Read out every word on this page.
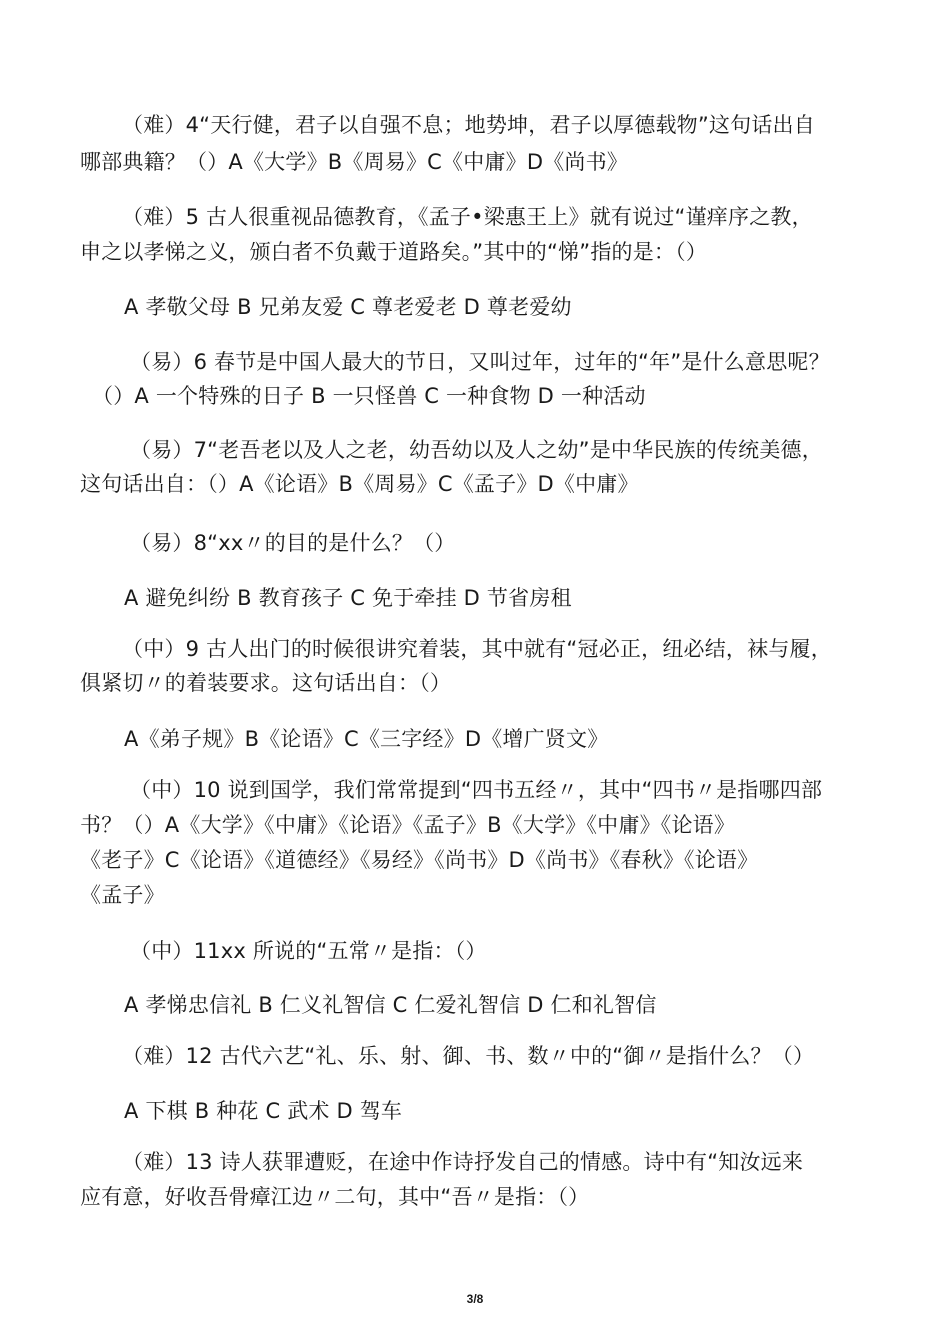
（难）4“天行健，君子以自强不息；地势坤，君子以厚德载物”这句话出自
哪部典籍？（）A《大学》B《周易》C《中庸》D《尚书》
（难）5 古人很重视品德教育，《孟子•梁惠王上》就有说过“谨痒序之教，
申之以孝悌之义，颁白者不负戴于道路矣。”其中的“悌”指的是：（）
A 孝敬父母 B 兄弟友爱 C 尊老爱老 D 尊老爱幼
（易）6 春节是中国人最大的节日，又叫过年，过年的“年”是什么意思呢？
（）A 一个特殊的日子 B 一只怪兽 C 一种食物 D 一种活动
（易）7“老吾老以及人之老，幼吾幼以及人之幼”是中华民族的传统美德，
这句话出自：（）A《论语》B《周易》C《孟子》D《中庸》
（易）8“xx〃的目的是什么？（）
A 避免纠纷 B 教育孩子 C 免于牵挂 D 节省房租
（中）9 古人出门的时候很讲究着装，其中就有“冠必正，纽必结，袜与履，
俱紧切〃的着装要求。这句话出自：（）
A《弟子规》B《论语》C《三字经》D《增广贤文》
（中）10 说到国学，我们常常提到“四书五经〃，其中“四书〃是指哪四部
书？（）A《大学》《中庸》《论语》《孟子》B《大学》《中庸》《论语》
《老子》C《论语》《道德经》《易经》《尚书》D《尚书》《春秋》《论语》
《孟子》
（中）11xx 所说的“五常〃是指：（）
A 孝悌忠信礼 B 仁义礼智信 C 仁爱礼智信 D 仁和礼智信
（难）12 古代六艺“礼、乐、射、御、书、数〃中的“御〃是指什么？（）
A 下棋 B 种花 C 武术 D 驾车
（难）13 诗人获罪遭贬，在途中作诗抒发自己的情感。诗中有“知汝远来
应有意，好收吾骨瘴江边〃二句，其中“吾〃是指：（）
3/8
